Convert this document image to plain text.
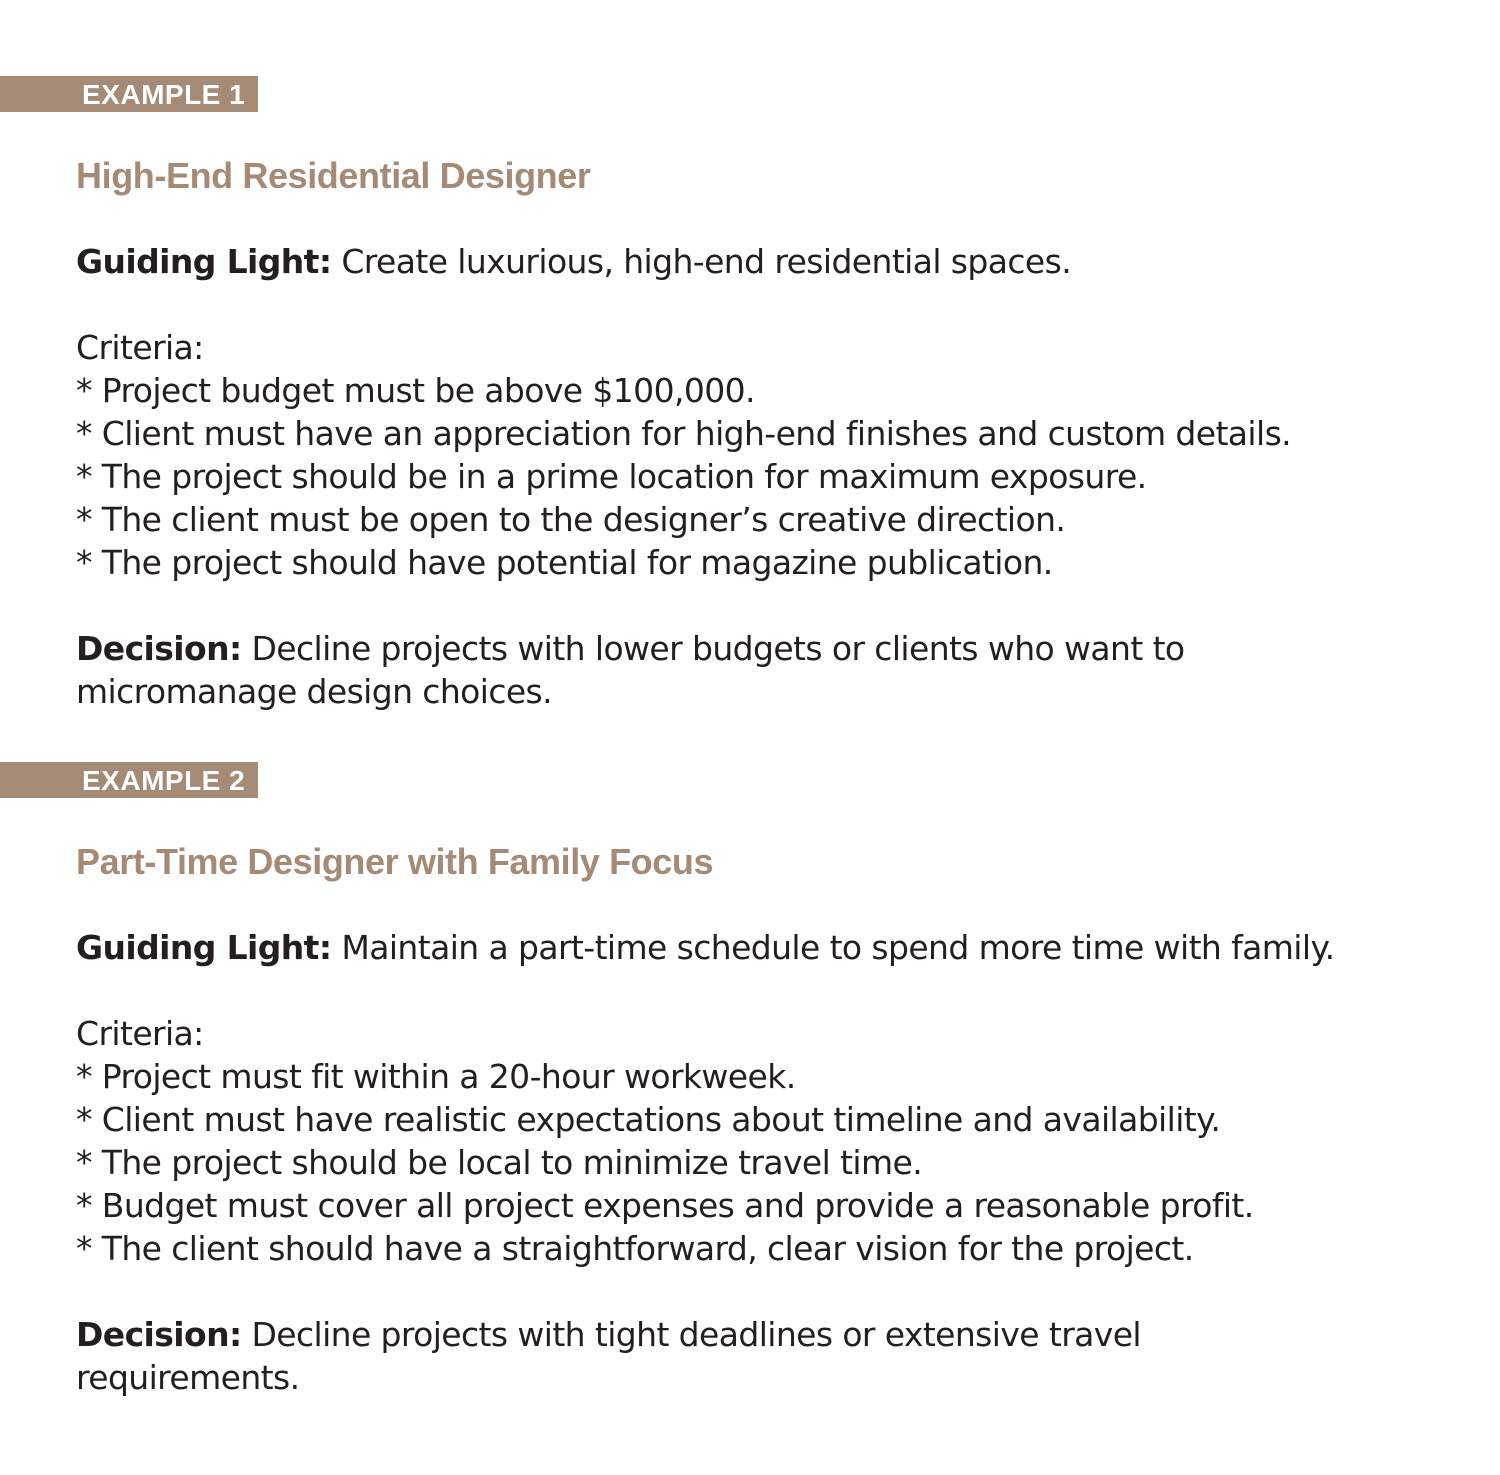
EXAMPLE 1
High-End Residential Designer
Guiding Light: Create luxurious, high-end residential spaces.
Criteria:
* Project budget must be above $100,000.
* Client must have an appreciation for high-end finishes and custom details.
* The project should be in a prime location for maximum exposure.
* The client must be open to the designer’s creative direction.
* The project should have potential for magazine publication.
Decision: Decline projects with lower budgets or clients who want to
micromanage design choices.
EXAMPLE 2
Part-Time Designer with Family Focus
Guiding Light: Maintain a part-time schedule to spend more time with family.
Criteria:
* Project must fit within a 20-hour workweek.
* Client must have realistic expectations about timeline and availability.
* The project should be local to minimize travel time.
* Budget must cover all project expenses and provide a reasonable profit.
* The client should have a straightforward, clear vision for the project.
Decision: Decline projects with tight deadlines or extensive travel
requirements.
